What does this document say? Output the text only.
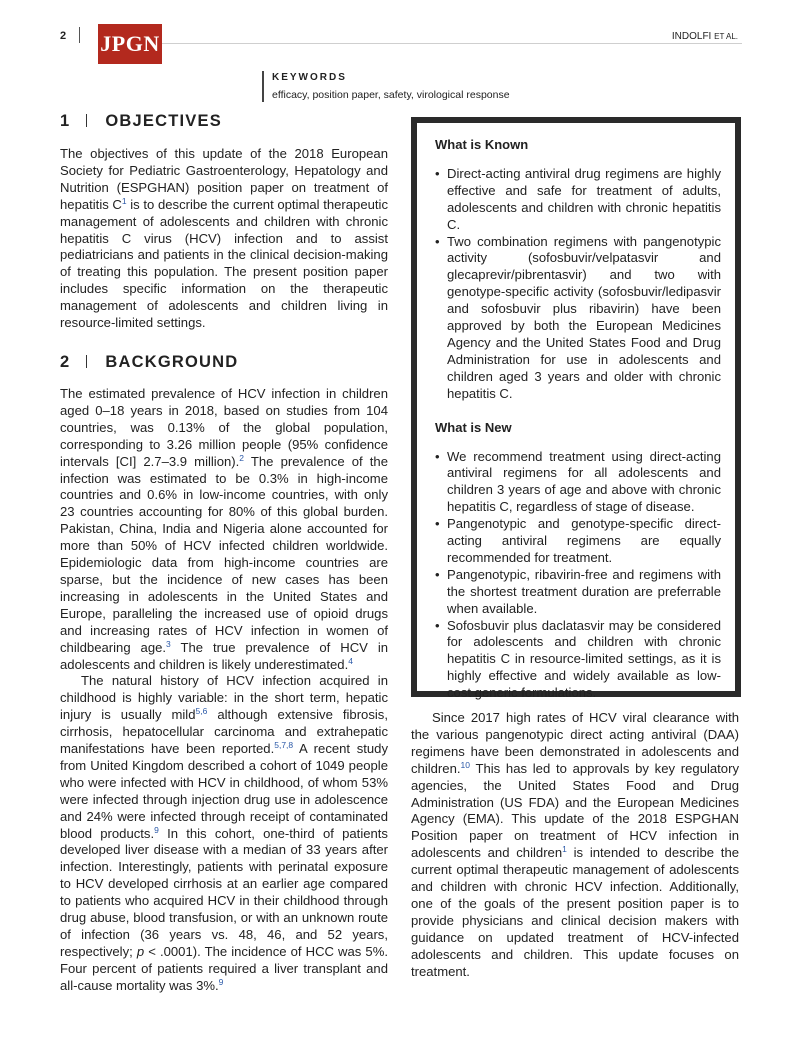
2 JPGN	INDOLFI ET AL.
KEYWORDS
efficacy, position paper, safety, virological response
1 OBJECTIVES

The objectives of this update of the 2018 European Society for Pediatric Gastroenterology, Hepatology and Nutrition (ESPGHAN) position paper on treatment of hepatitis $C^1$ is to describe the current optimal therapeutic management of adolescents and children with chronic hepatitis C virus (HCV) infection and to assist pediatricians and patients in the clinical decision-making of treating this population. The present position paper includes specific information on the therapeutic management of adolescents and children living in resource-limited settings.

2 BACKGROUND

The estimated prevalence of HCV infection in children aged 0–18 years in 2018, based on studies from 104 countries, was 0.13% of the global population, corresponding to 3.26 million people (95% confidence intervals [CI] 2.7–3.9 million).$^2$ The prevalence of the infection was estimated to be 0.3% in high-income countries and 0.6% in low-income countries, with only 23 countries accounting for 80% of this global burden. Pakistan, China, India and Nigeria alone accounted for more than 50% of HCV infected children worldwide. Epidemiologic data from high-income countries are sparse, but the incidence of new cases has been increasing in adolescents in the United States and Europe, paralleling the increased use of opioid drugs and increasing rates of HCV infection in women of childbearing age.$^3$ The true prevalence of HCV in adolescents and children is likely underestimated.$^4$

The natural history of HCV infection acquired in childhood is highly variable: in the short term, hepatic injury is usually mild$^{5,6}$ although extensive fibrosis, cirrhosis, hepatocellular carcinoma and extrahepatic manifestations have been reported.$^{5,7,8}$ A recent study from United Kingdom described a cohort of 1049 people who were infected with HCV in childhood, of whom 53% were infected through injection drug use in adolescence and 24% were infected through receipt of contaminated blood products.$^9$ In this cohort, one-third of patients developed liver disease with a median of 33 years after infection. Interestingly, patients with perinatal exposure to HCV developed cirrhosis at an earlier age compared to patients who acquired HCV in their childhood through drug abuse, blood transfusion, or with an unknown route of infection (36 years vs. 48, 46, and 52 years, respectively; p < .0001). The incidence of HCC was 5%. Four percent of patients required a liver transplant and all-cause mortality was 3%.$^9$

What is Known
• Direct-acting antiviral drug regimens are highly effective and safe for treatment of adults, adolescents and children with chronic hepatitis C.
• Two combination regimens with pangenotypic activity (sofosbuvir/velpatasvir and glecaprevir/pibrentasvir) and two with genotype-specific activity (sofosbuvir/ledipasvir and sofosbuvir plus ribavirin) have been approved by both the European Medicines Agency and the United States Food and Drug Administration for use in adolescents and children aged 3 years and older with chronic hepatitis C.
What is New
• We recommend treatment using direct-acting antiviral regimens for all adolescents and children 3 years of age and above with chronic hepatitis C, regardless of stage of disease.
• Pangenotypic and genotype-specific direct-acting antiviral regimens are equally recommended for treatment.
• Pangenotypic, ribavirin-free and regimens with the shortest treatment duration are preferrable when available.
• Sofosbuvir plus daclatasvir may be considered for adolescents and children with chronic hepatitis C in resource-limited settings, as it is highly effective and widely available as low-cost generic formulations.

Since 2017 high rates of HCV viral clearance with the various pangenotypic direct acting antiviral (DAA) regimens have been demonstrated in adolescents and children.$^{10}$ This has led to approvals by key regulatory agencies, the United States Food and Drug Administration (US FDA) and the European Medicines Agency (EMA). This update of the 2018 ESPGHAN Position paper on treatment of HCV infection in adolescents and children$^1$ is intended to describe the current optimal therapeutic management of adolescents and children with chronic HCV infection. Additionally, one of the goals of the present position paper is to provide physicians and clinical decision makers with guidance on updated treatment of HCV-infected adolescents and children. This update focuses on treatment.
